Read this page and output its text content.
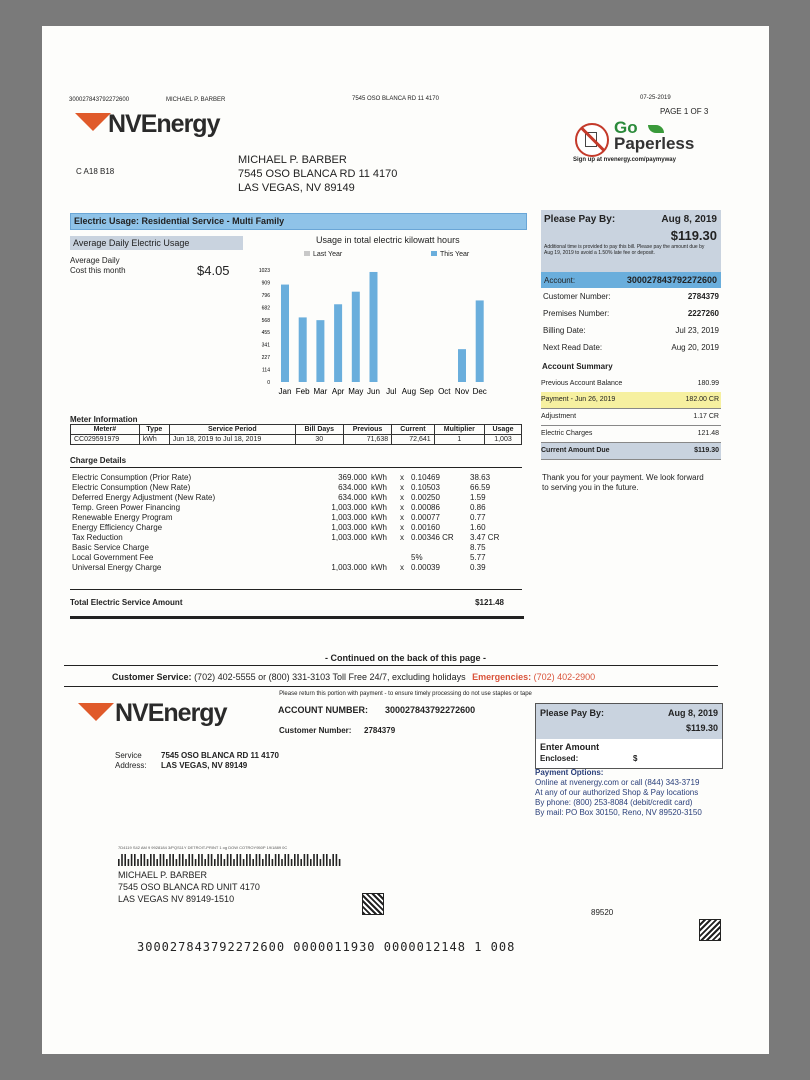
300027843792272600	MICHAEL P. BARBER	7545 OSO BLANCA RD 11 4170	07-25-2019
PAGE 1 OF 3
NVEnergy
C A18 B18
MICHAEL P. BARBER
7545 OSO BLANCA RD 11 4170
LAS VEGAS, NV 89149
Go
Paperless
Sign up at nvenergy.com/paymyway
Electric Usage: Residential Service - Multi Family
Average Daily Electric Usage
Average Daily
Cost this month	$4.05
Usage in total electric kilowatt hours
Last Year	This Year
1023
909
796
682
568
455
341
227
114
0
Jan Feb Mar Apr May Jun Jul Aug Sep Oct Nov Dec
Meter Information
Meter#	Type	Service Period	Bill Days	Previous	Current	Multiplier	Usage
CC029591979	kWh	Jun 18, 2019 to Jul 18, 2019	30	71,638	72,641	1	1,003
Charge Details
Electric Consumption (Prior Rate)	369.000	kWh	x	0.10469	38.63
Electric Consumption (New Rate)	634.000	kWh	x	0.10503	66.59
Deferred Energy Adjustment (New Rate)	634.000	kWh	x	0.00250	1.59
Temp. Green Power Financing	1,003.000	kWh	x	0.00086	0.86
Renewable Energy Program	1,003.000	kWh	x	0.00077	0.77
Energy Efficiency Charge	1,003.000	kWh	x	0.00160	1.60
Tax Reduction	1,003.000	kWh	x	0.00346 CR	3.47 CR
Basic Service Charge					8.75
Local Government Fee				5%	5.77
Universal Energy Charge	1,003.000	kWh	x	0.00039	0.39
Total Electric Service Amount	$121.48
Please Pay By:	Aug 8, 2019
$119.30
Additional time is provided to pay this bill. Please pay the amount due by Aug 19, 2019 to avoid a 1.50% late fee or deposit.
Account:	300027843792272600
Customer Number:	2784379
Premises Number:	2227260
Billing Date:	Jul 23, 2019
Next Read Date:	Aug 20, 2019
Account Summary
Previous Account Balance	180.99
Payment - Jun 26, 2019	182.00 CR
Adjustment	1.17 CR
Electric Charges	121.48
Current Amount Due	$119.30
Thank you for your payment. We look forward to serving you in the future.
- Continued on the back of this page -
Customer Service: (702) 402-5555 or (800) 331-3103 Toll Free 24/7, excluding holidays Emergencies: (702) 402-2900
Please return this portion with payment - to ensure timely processing do not use staples or tape
NVEnergy	ACCOUNT NUMBER: 300027843792272600
Customer Number: 2784379
Service
Address:
7545 OSO BLANCA RD 11 4170
LAS VEGAS, NV 89149
Please Pay By:	Aug 8, 2019
$119.30
Enter Amount
Enclosed:	$
Payment Options:
Online at nvenergy.com or call (844) 343-3719
At any of our authorized Shop & Pay locations
By phone: (800) 253-8084 (debit/credit card)
By mail: PO Box 30150, Reno, NV 89520-3150
7D4119 S42 AM 9 9928184 3/PQS11Y DETROIT-PRINT 1 og DOW COTROY950P 19/1889 0C
MICHAEL P. BARBER
7545 OSO BLANCA RD UNIT 4170
LAS VEGAS NV 89149-1510
89520
300027843792272600 0000011930 0000012148 1 008
